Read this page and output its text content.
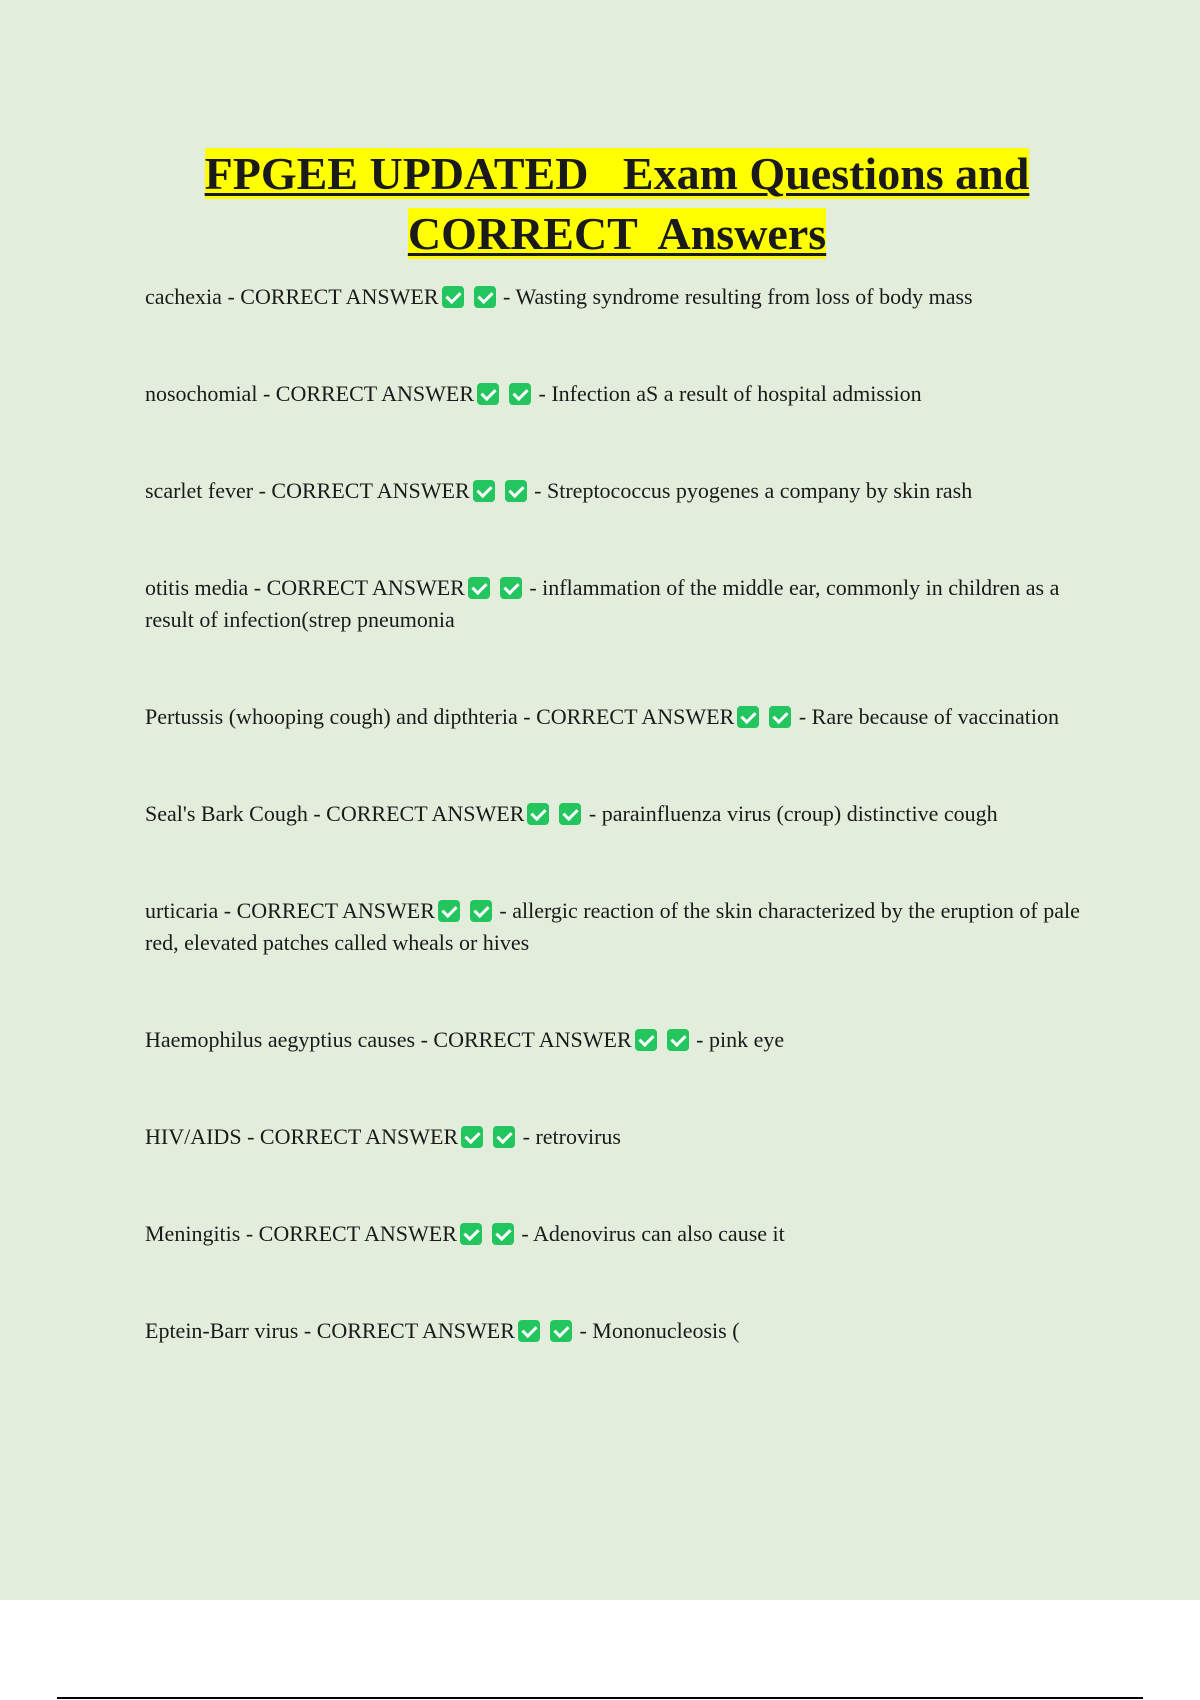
FPGEE UPDATED   Exam Questions and
CORRECT  Answers
cachexia - CORRECT ANSWER	- Wasting syndrome resulting from loss of body mass
nosochomial - CORRECT ANSWER	- Infection aS a result of hospital admission
scarlet fever - CORRECT ANSWER	- Streptococcus pyogenes a company by skin rash
otitis media - CORRECT ANSWER	- inflammation of the middle ear, commonly in children as a result of infection(strep pneumonia
Pertussis (whooping cough) and dipthteria - CORRECT ANSWER	- Rare because of vaccination
Seal's Bark Cough - CORRECT ANSWER	- parainfluenza virus (croup) distinctive cough
urticaria - CORRECT ANSWER	- allergic reaction of the skin characterized by the eruption of pale red, elevated patches called wheals or hives
Haemophilus aegyptius causes - CORRECT ANSWER	- pink eye
HIV/AIDS - CORRECT ANSWER	- retrovirus
Meningitis - CORRECT ANSWER	- Adenovirus can also cause it
Eptein-Barr virus - CORRECT ANSWER	- Mononucleosis (
